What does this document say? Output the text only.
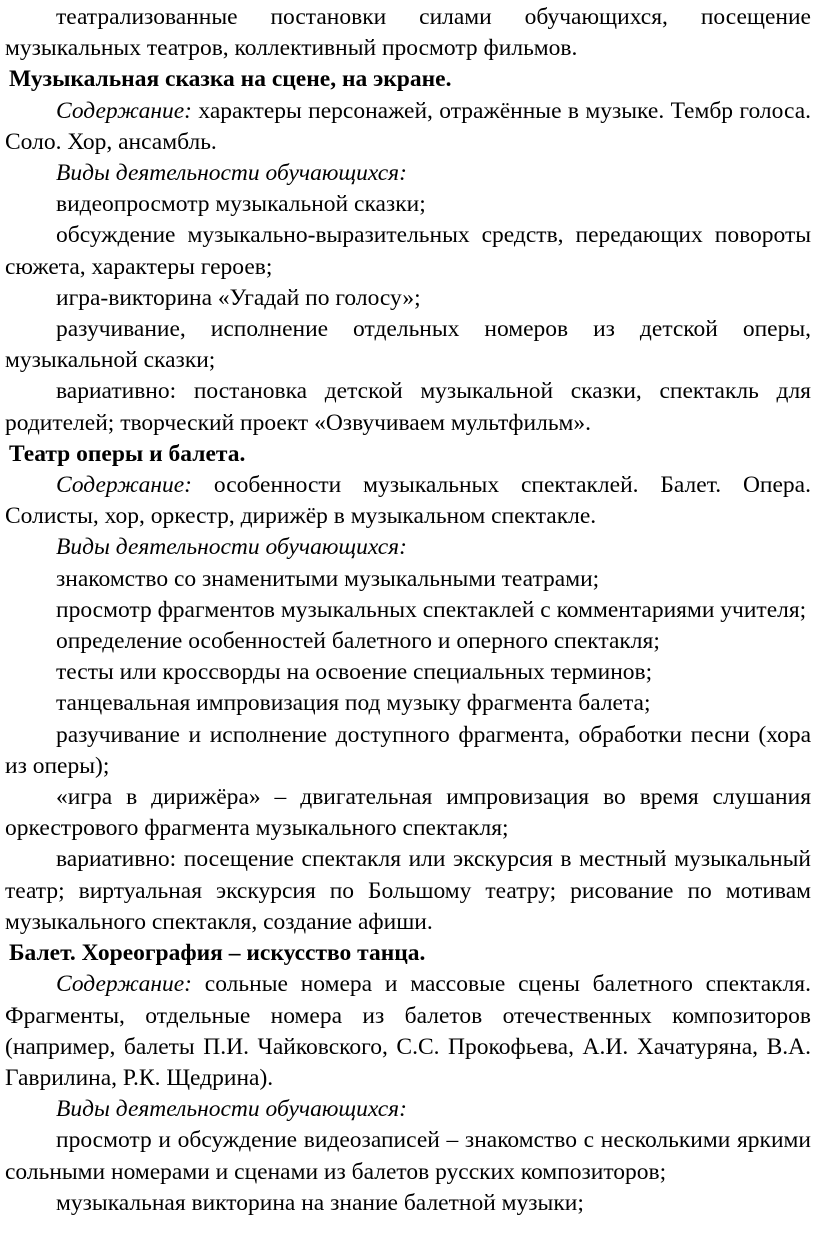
театрализованные постановки силами обучающихся, посещение музыкальных театров, коллективный просмотр фильмов.

Музыкальная сказка на сцене, на экране.

Содержание: характеры персонажей, отражённые в музыке. Тембр голоса. Соло. Хор, ансамбль.

Виды деятельности обучающихся:

видеопросмотр музыкальной сказки;

обсуждение музыкально-выразительных средств, передающих повороты сюжета, характеры героев;

игра-викторина «Угадай по голосу»;

разучивание, исполнение отдельных номеров из детской оперы, музыкальной сказки;

вариативно: постановка детской музыкальной сказки, спектакль для родителей; творческий проект «Озвучиваем мультфильм».

Театр оперы и балета.

Содержание: особенности музыкальных спектаклей. Балет. Опера. Солисты, хор, оркестр, дирижёр в музыкальном спектакле.

Виды деятельности обучающихся:

знакомство со знаменитыми музыкальными театрами;

просмотр фрагментов музыкальных спектаклей с комментариями учителя;

определение особенностей балетного и оперного спектакля;

тесты или кроссворды на освоение специальных терминов;

танцевальная импровизация под музыку фрагмента балета;

разучивание и исполнение доступного фрагмента, обработки песни (хора из оперы);

«игра в дирижёра» – двигательная импровизация во время слушания оркестрового фрагмента музыкального спектакля;

вариативно: посещение спектакля или экскурсия в местный музыкальный театр; виртуальная экскурсия по Большому театру; рисование по мотивам музыкального спектакля, создание афиши.

Балет. Хореография – искусство танца.

Содержание: сольные номера и массовые сцены балетного спектакля. Фрагменты, отдельные номера из балетов отечественных композиторов (например, балеты П.И. Чайковского, С.С. Прокофьева, А.И. Хачатуряна, В.А. Гаврилина, Р.К. Щедрина).

Виды деятельности обучающихся:

просмотр и обсуждение видеозаписей – знакомство с несколькими яркими сольными номерами и сценами из балетов русских композиторов;

музыкальная викторина на знание балетной музыки;
